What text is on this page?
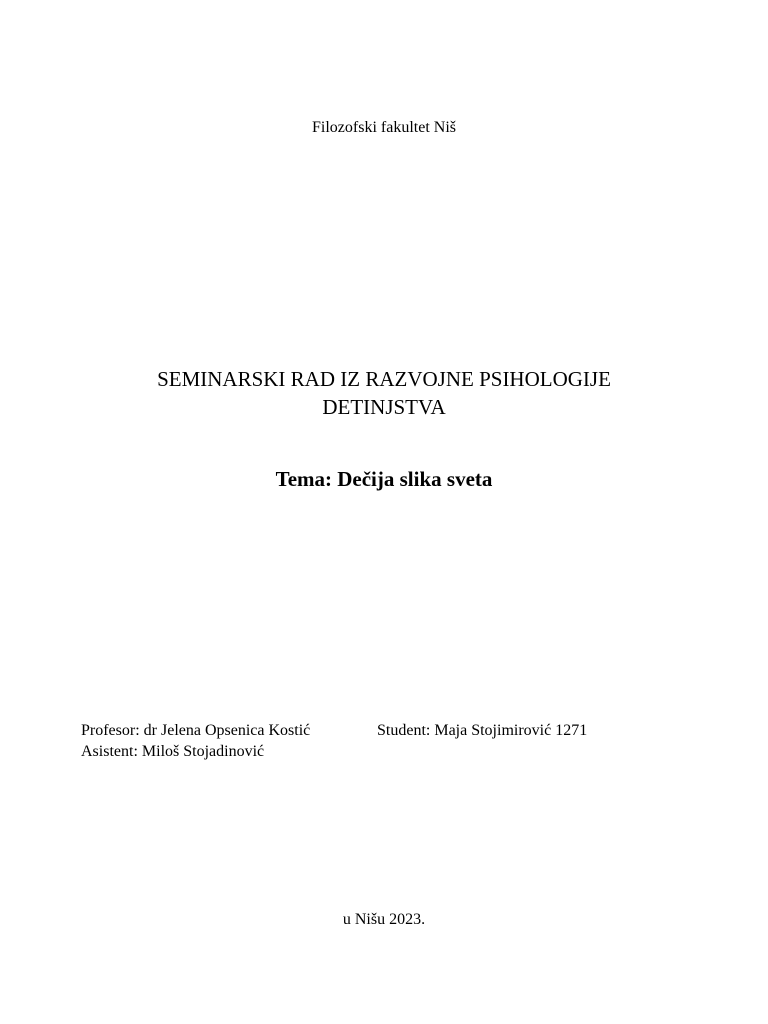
Filozofski fakultet Niš
SEMINARSKI RAD IZ RAZVOJNE PSIHOLOGIJE
DETINJSTVA
Tema: Dečija slika sveta
Profesor: dr Jelena Opsenica Kostić
Asistent: Miloš Stojadinović
Student: Maja Stojimirović 1271
u Nišu 2023.
